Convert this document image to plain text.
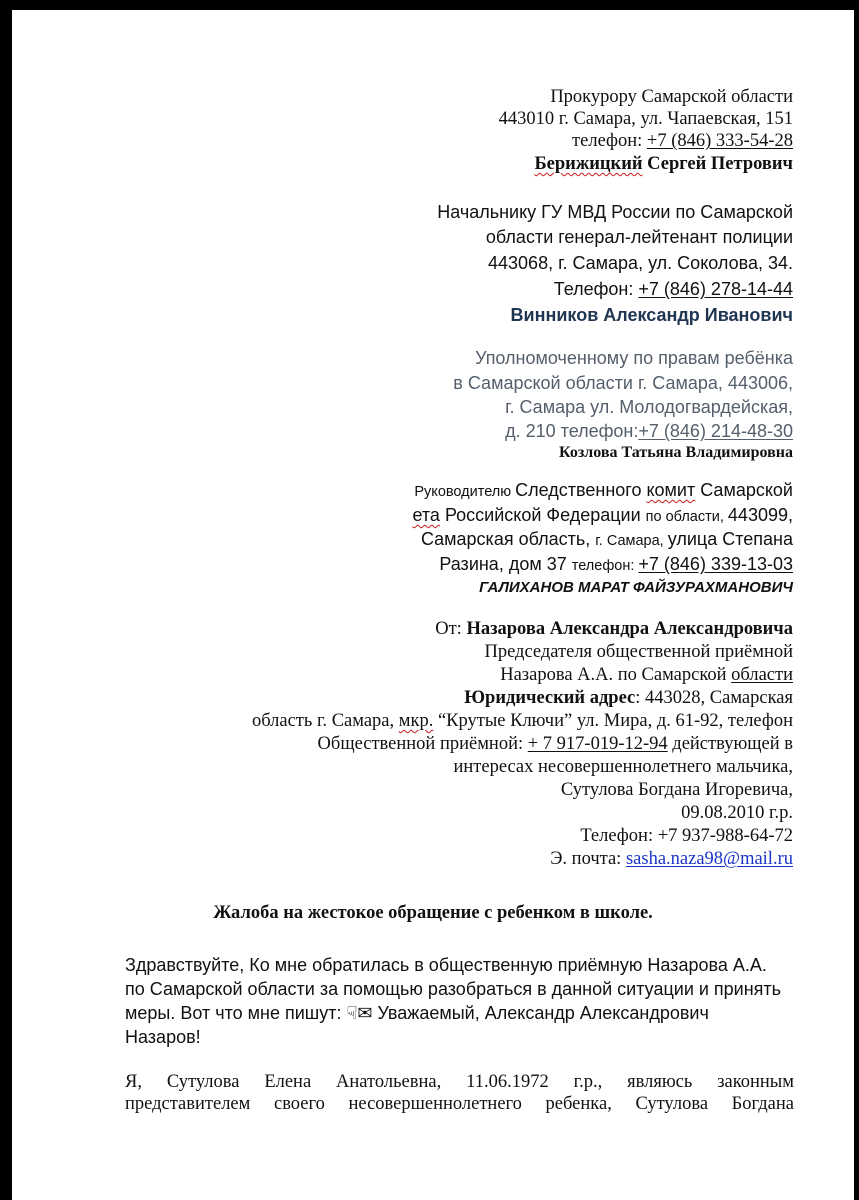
Прокурору Самарской области
443010 г. Самара, ул. Чапаевская, 151
телефон: +7 (846) 333-54-28
Берижицкий Сергей Петрович
Начальнику ГУ МВД России по Самарской
области генерал-лейтенант полиции
443068, г. Самара, ул. Соколова, 34.
Телефон: +7 (846) 278-14-44
Винников Александр Иванович
Уполномоченному по правам ребёнка
в Самарской области г. Самара, 443006,
г. Самара ул. Молодогвардейская,
д. 210 телефон:+7 (846) 214-48-30
Козлова Татьяна Владимировна
Руководителю Следственного комит Самарской
ета Российской Федерации по области, 443099,
Самарская область, г. Самара, улица Степана
Разина, дом 37 телефон: +7 (846) 339-13-03
ГАЛИХАНОВ МАРАТ ФАЙЗУРАХМАНОВИЧ
От: Назарова Александра Александровича
Председателя общественной приёмной
Назарова А.А. по Самарской области
Юридический адрес: 443028, Самарская
область г. Самара, мкр. “Крутые Ключи” ул. Мира, д. 61-92, телефон
Общественной приёмной: + 7 917-019-12-94 действующей в
интересах несовершеннолетнего мальчика,
Сутулова Богдана Игоревича,
09.08.2010 г.р.
Телефон: +7 937-988-64-72
Э. почта: sasha.naza98@mail.ru
Жалоба на жестокое обращение с ребенком в школе.
Здравствуйте, Ко мне обратилась в общественную приёмную Назарова А.А.
по Самарской области за помощью разобраться в данной ситуации и принять
меры. Вот что мне пишут: ☟✉ Уважаемый, Александр Александрович
Назаров!
Я, Сутулова Елена Анатольевна, 11.06.1972 г.р., являюсь законным
представителем своего несовершеннолетнего ребенка, Сутулова Богдана
